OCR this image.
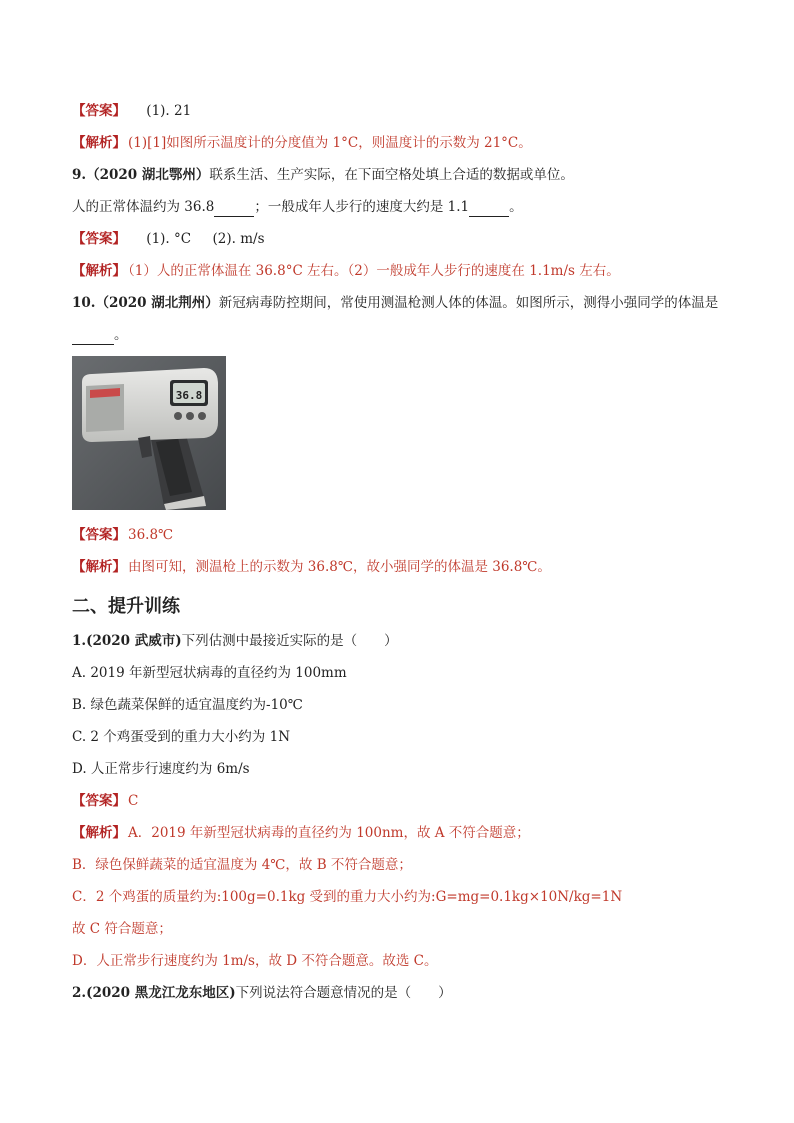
【答案】 (1). 21
【解析】 (1)[1]如图所示温度计的分度值为 1°C，则温度计的示数为 21°C。
9.（2020 湖北鄂州）联系生活、生产实际，在下面空格处填上合适的数据或单位。
人的正常体温约为 36.8	；一般成年人步行的速度大约是 1.1	。
【答案】 (1). °C     (2). m/s
【解析】 （1）人的正常体温在 36.8°C 左右。（2）一般成年人步行的速度在 1.1m/s 左右。
10.（2020 湖北荆州）新冠病毒防控期间，常使用测温枪测人体的体温。如图所示，测得小强同学的体温是
。
36.8
【答案】 36.8℃
【解析】 由图可知，测温枪上的示数为 36.8℃，故小强同学的体温是 36.8℃。
二、提升训练
1.(2020 武威市)下列估测中最接近实际的是（　　）
A. 2019 年新型冠状病毒的直径约为 100mm
B. 绿色蔬菜保鲜的适宜温度约为-10℃
C. 2 个鸡蛋受到的重力大小约为 1N
D. 人正常步行速度约为 6m/s
【答案】 C
【解析】 A．2019 年新型冠状病毒的直径约为 100nm，故 A 不符合题意；
B．绿色保鲜蔬菜的适宜温度为 4℃，故 B 不符合题意；
C．2 个鸡蛋的质量约为:100g=0.1kg 受到的重力大小约为:G=mg=0.1kg×10N/kg=1N
故 C 符合题意；
D．人正常步行速度约为 1m/s，故 D 不符合题意。故选 C。
2.(2020 黑龙江龙东地区)下列说法符合题意情况的是（　　）
